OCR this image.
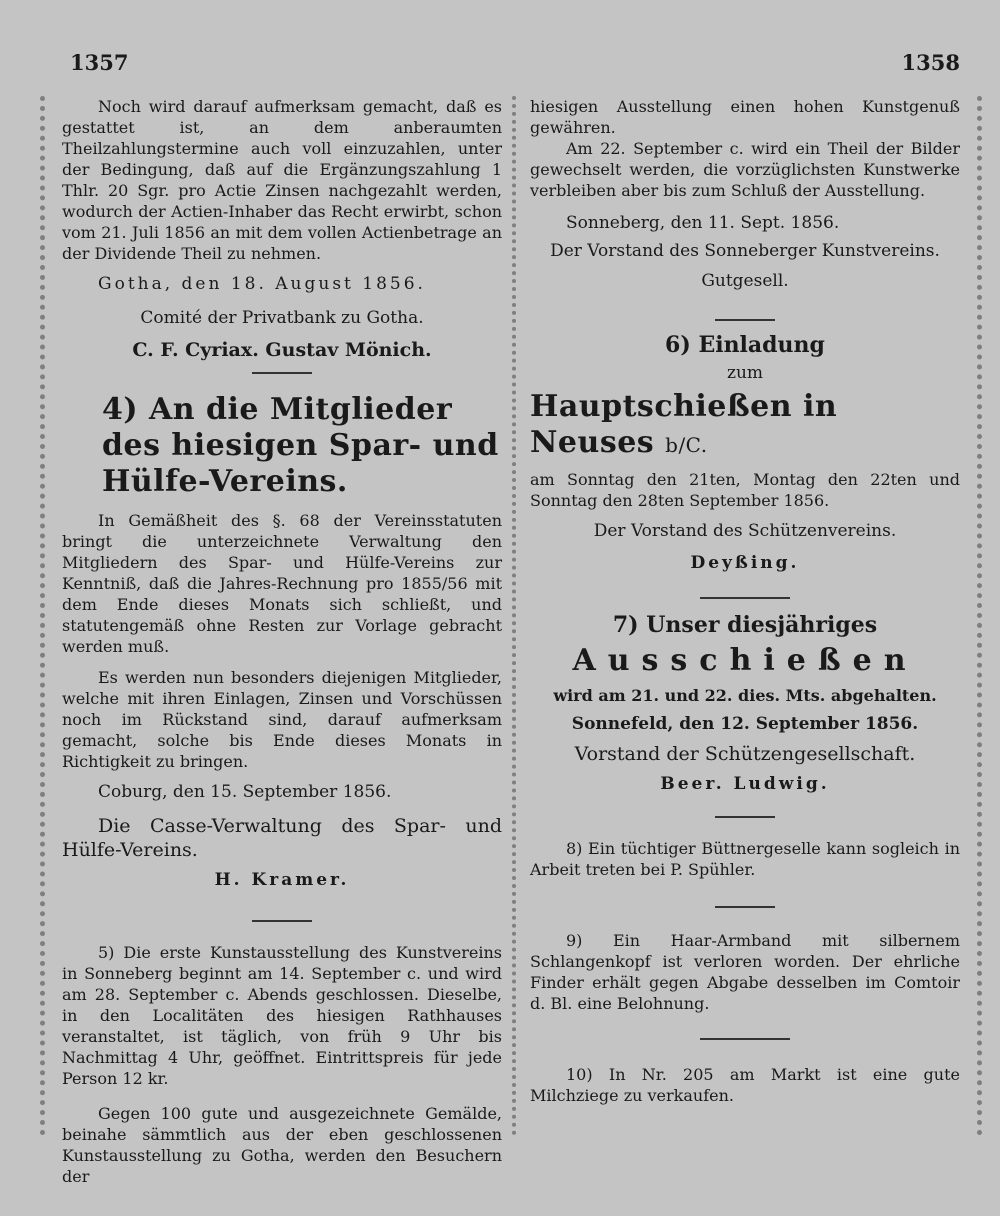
1357	1358

Noch wird darauf aufmerksam gemacht, daß es gestattet ist, an dem anberaumten Theilzahlungstermine auch voll einzuzahlen, unter der Bedingung, daß auf die Ergänzungszahlung 1 Thlr. 20 Sgr. pro Actie Zinsen nachgezahlt werden, wodurch der Actien-Inhaber das Recht erwirbt, schon vom 21. Juli 1856 an mit dem vollen Actienbetrage an der Dividende Theil zu nehmen.

Gotha, den 18. August 1856.

Comité der Privatbank zu Gotha.

C. F. Cyriax. Gustav Mönich.

4) An die Mitglieder des hiesigen Spar- und Hülfe-Vereins.

In Gemäßheit des §. 68 der Vereinsstatuten bringt die unterzeichnete Verwaltung den Mitgliedern des Spar- und Hülfe-Vereins zur Kenntniß, daß die Jahres-Rechnung pro 1855/56 mit dem Ende dieses Monats sich schließt, und statutengemäß ohne Resten zur Vorlage gebracht werden muß.

Es werden nun besonders diejenigen Mitglieder, welche mit ihren Einlagen, Zinsen und Vorschüssen noch im Rückstand sind, darauf aufmerksam gemacht, solche bis Ende dieses Monats in Richtigkeit zu bringen.

Coburg, den 15. September 1856.

Die Casse-Verwaltung des Spar- und Hülfe-Vereins.

H. Kramer.

5) Die erste Kunstausstellung des Kunstvereins in Sonneberg beginnt am 14. September c. und wird am 28. September c. Abends geschlossen. Dieselbe, in den Localitäten des hiesigen Rathhauses veranstaltet, ist täglich, von früh 9 Uhr bis Nachmittag 4 Uhr, geöffnet. Eintrittspreis für jede Person 12 kr.

Gegen 100 gute und ausgezeichnete Gemälde, beinahe sämmtlich aus der eben geschlossenen Kunstausstellung zu Gotha, werden den Besuchern der

hiesigen Ausstellung einen hohen Kunstgenuß gewähren.

Am 22. September c. wird ein Theil der Bilder gewechselt werden, die vorzüglichsten Kunstwerke verbleiben aber bis zum Schluß der Ausstellung.

Sonneberg, den 11. Sept. 1856.

Der Vorstand des Sonneberger Kunstvereins.

Gutgesell.

6) Einladung

zum

Hauptschießen in Neuses b/C.

am Sonntag den 21ten, Montag den 22ten und Sonntag den 28ten September 1856.

Der Vorstand des Schützenvereins.

Deyßing.

7) Unser diesjähriges

Ausschießen

wird am 21. und 22. dies. Mts. abgehalten.

Sonnefeld, den 12. September 1856.

Vorstand der Schützengesellschaft.

Beer. Ludwig.

8) Ein tüchtiger Büttnergeselle kann sogleich in Arbeit treten bei P. Spühler.

9) Ein Haar-Armband mit silbernem Schlangenkopf ist verloren worden. Der ehrliche Finder erhält gegen Abgabe desselben im Comtoir d. Bl. eine Belohnung.

10) In Nr. 205 am Markt ist eine gute Milchziege zu verkaufen.
